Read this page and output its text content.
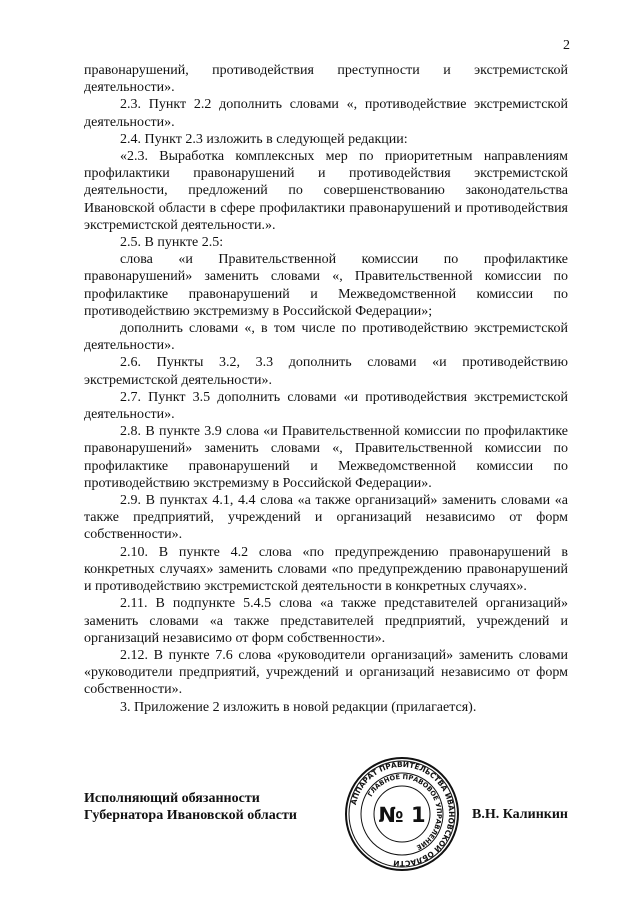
2

правонарушений, противодействия преступности и экстремистской деятельности».

2.3. Пункт 2.2 дополнить словами «, противодействие экстремистской деятельности».

2.4. Пункт 2.3 изложить в следующей редакции:

«2.3. Выработка комплексных мер по приоритетным направлениям профилактики правонарушений и противодействия экстремистской деятельности, предложений по совершенствованию законодательства Ивановской области в сфере профилактики правонарушений и противодействия экстремистской деятельности.».

2.5. В пункте 2.5:

слова «и Правительственной комиссии по профилактике правонарушений» заменить словами «, Правительственной комиссии по профилактике правонарушений и Межведомственной комиссии по противодействию экстремизму в Российской Федерации»;

дополнить словами «, в том числе по противодействию экстремистской деятельности».

2.6. Пункты 3.2, 3.3 дополнить словами «и противодействию экстремистской деятельности».

2.7. Пункт 3.5 дополнить словами «и противодействия экстремистской деятельности».

2.8. В пункте 3.9 слова «и Правительственной комиссии по профилактике правонарушений» заменить словами «, Правительственной комиссии по профилактике правонарушений и Межведомственной комиссии по противодействию экстремизму в Российской Федерации».

2.9. В пунктах 4.1, 4.4 слова «а также организаций» заменить словами «а также предприятий, учреждений и организаций независимо от форм собственности».

2.10. В пункте 4.2 слова «по предупреждению правонарушений в конкретных случаях» заменить словами «по предупреждению правонарушений и противодействию экстремистской деятельности в конкретных случаях».

2.11. В подпункте 5.4.5 слова «а также представителей организаций» заменить словами «а также представителей предприятий, учреждений и организаций независимо от форм собственности».

2.12. В пункте 7.6 слова «руководители организаций» заменить словами «руководители предприятий, учреждений и организаций независимо от форм собственности».

3. Приложение 2 изложить в новой редакции (прилагается).

Исполняющий обязанности
Губернатора Ивановской области
АППАРАТ ПРАВИТЕЛЬСТВА ИВАНОВСКОЙ ОБЛАСТИ
ГЛАВНОЕ ПРАВОВОЕ УПРАВЛЕНИЕ
№ 1	В.Н. Калинкин
